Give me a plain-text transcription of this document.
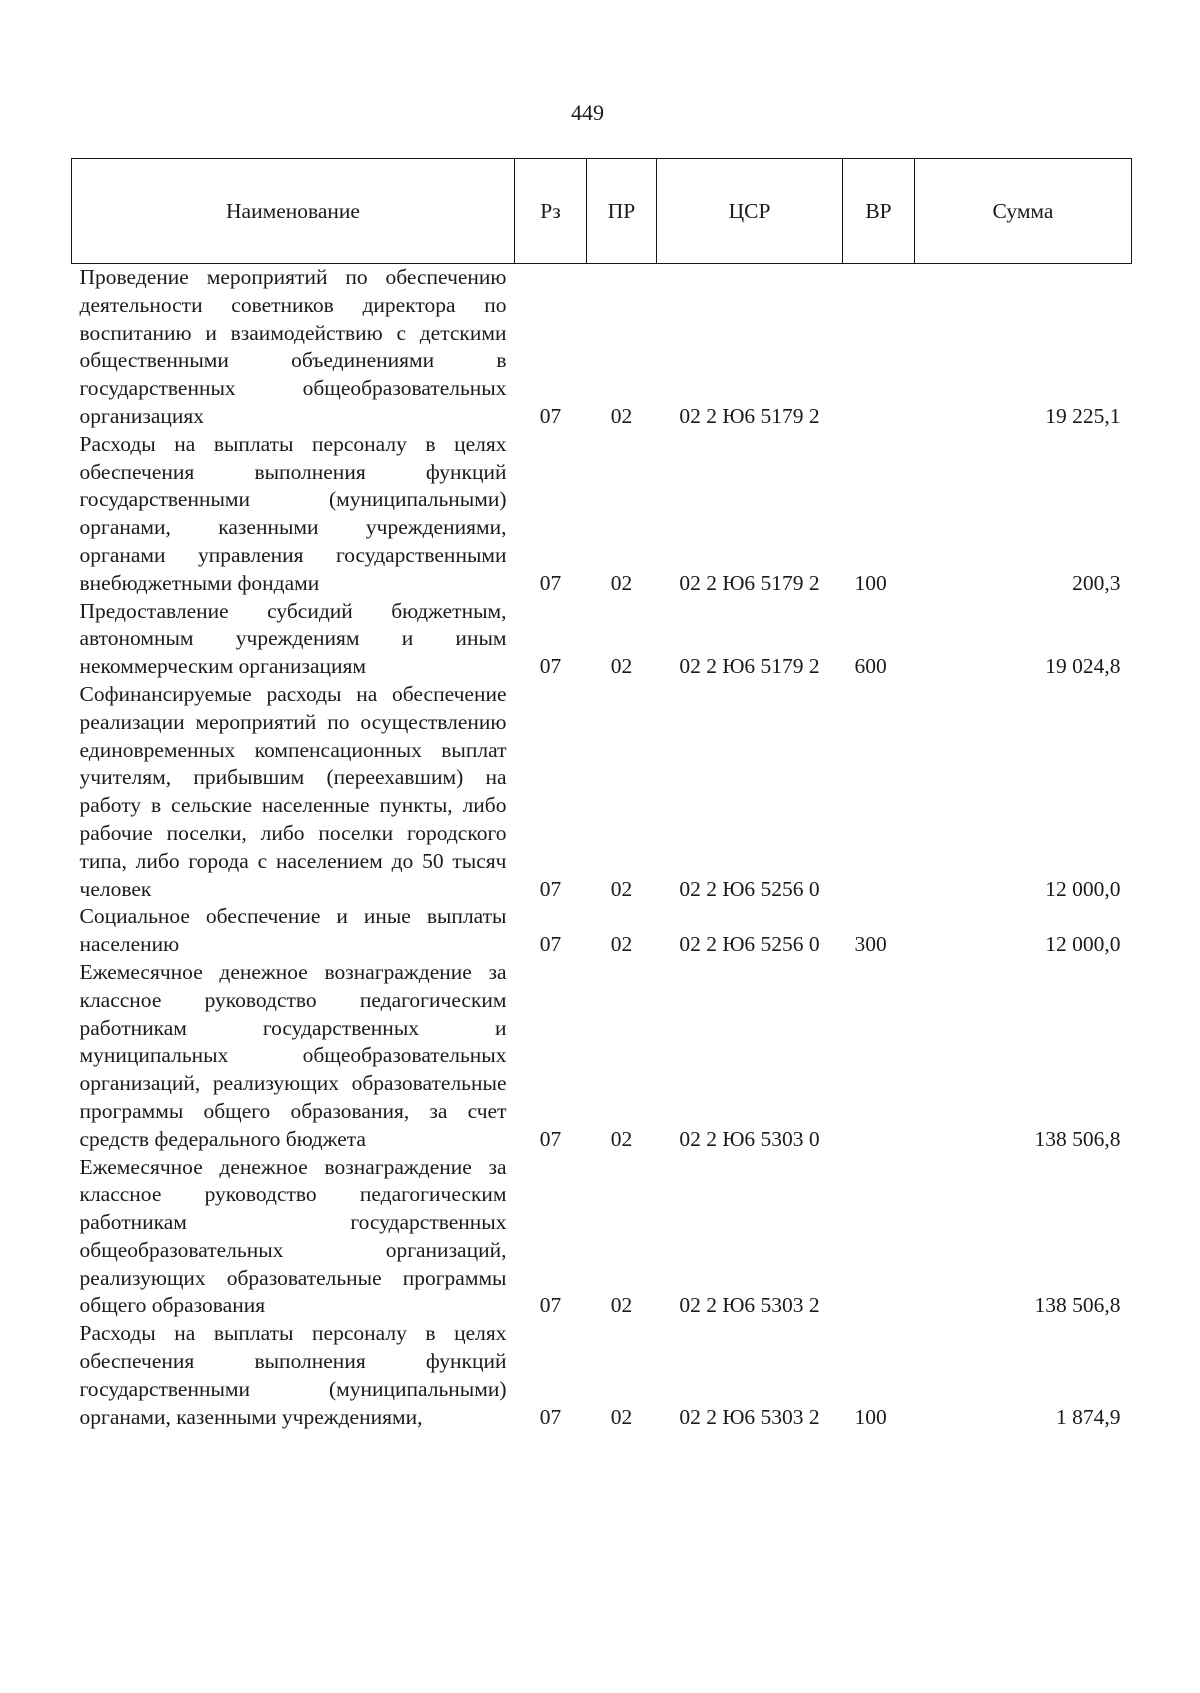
449
Наименование	Рз	ПР	ЦСР	ВР	Сумма
Проведение мероприятий по обеспечению деятельности советников директора по воспитанию и взаимодействию с детскими общественными объединениями в государственных общеобразовательных организациях	07	02	02 2 Ю6 5179 2		19 225,1
Расходы на выплаты персоналу в целях обеспечения выполнения функций государственными (муниципальными) органами, казенными учреждениями, органами управления государственными внебюджетными фондами	07	02	02 2 Ю6 5179 2	100	200,3
Предоставление субсидий бюджетным, автономным учреждениям и иным некоммерческим организациям	07	02	02 2 Ю6 5179 2	600	19 024,8
Софинансируемые расходы на обеспечение реализации мероприятий по осуществлению единовременных компенсационных выплат учителям, прибывшим (переехавшим) на работу в сельские населенные пункты, либо рабочие поселки, либо поселки городского типа, либо города с населением до 50 тысяч человек	07	02	02 2 Ю6 5256 0		12 000,0
Социальное обеспечение и иные выплаты населению	07	02	02 2 Ю6 5256 0	300	12 000,0
Ежемесячное денежное вознаграждение за классное руководство педагогическим работникам государственных и муниципальных общеобразовательных организаций, реализующих образовательные программы общего образования, за счет средств федерального бюджета	07	02	02 2 Ю6 5303 0		138 506,8
Ежемесячное денежное вознаграждение за классное руководство педагогическим работникам государственных общеобразовательных организаций, реализующих образовательные программы общего образования	07	02	02 2 Ю6 5303 2		138 506,8
Расходы на выплаты персоналу в целях обеспечения выполнения функций государственными (муниципальными) органами, казенными учреждениями,	07	02	02 2 Ю6 5303 2	100	1 874,9
